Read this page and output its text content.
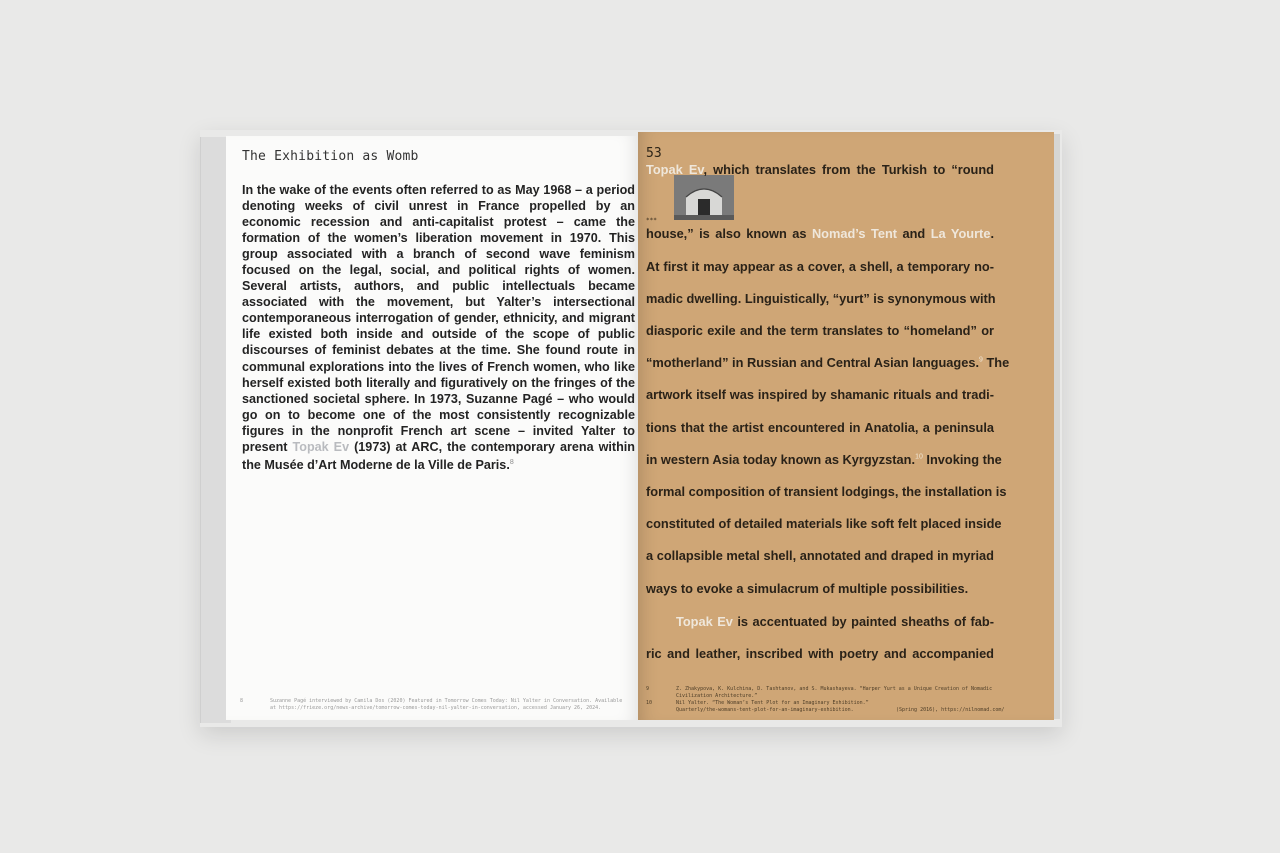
The Exhibition as Womb

In the wake of the events often referred to as May 1968 – a period denoting weeks of civil unrest in France propelled by an economic recession and anti-capitalist protest – came the formation of the women’s liberation movement in 1970. This group associated with a branch of second wave feminism focused on the legal, social, and political rights of women. Several artists, authors, and public intellectuals became associated with the movement, but Yalter’s intersectional contemporaneous interrogation of gender, ethnicity, and migrant life existed both inside and outside of the scope of public discourses of feminist debates at the time. She found route in communal explorations into the lives of French women, who like herself existed both literally and figuratively on the fringes of the sanctioned societal sphere. In 1973, Suzanne Pagé – who would go on to become one of the most consistently recognizable figures in the nonprofit French art scene – invited Yalter to present Topak Ev (1973) at ARC, the contemporary arena within the Musée d’Art Moderne de la Ville de Paris.$^8$

8	Suzanne Pagé interviewed by Camila Dos (2020) Featured in Tomorrow Comes Today: Nil Yalter in Conversation. Available at https://frieze.org/news-archive/tomorrow-comes-today-nil-yalter-in-conversation, accessed January 26, 2024.
53
***
Topak Ev, which translates from the Turkish to “round
house,” is also known as Nomad’s Tent and La Yourte.
At first it may appear as a cover, a shell, a temporary no-
madic dwelling. Linguistically, “yurt” is synonymous with
diasporic exile and the term translates to “homeland” or
“motherland” in Russian and Central Asian languages.$^9$ The
artwork itself was inspired by shamanic rituals and tradi-
tions that the artist encountered in Anatolia, a peninsula
in western Asia today known as Kyrgyzstan.$^{10}$ Invoking the
formal composition of transient lodgings, the installation is
constituted of detailed materials like soft felt placed inside
a collapsible metal shell, annotated and draped in myriad
ways to evoke a simulacrum of multiple possibilities.
Topak Ev is accentuated by painted sheaths of fab-
ric and leather, inscribed with poetry and accompanied
9	Z. Zhakypova, K. Kulchina, D. Tashtanov, and S. Mukashayeva. “Harper Yurt as a Unique Creation of Nomadic Civilization Architecture.”
10	Nil Yalter. “The Woman’s Tent Plot for an Imaginary Exhibition.” Quarterly/the-womans-tent-plot-for-an-imaginary-exhibition.	(Spring 2016), https://nilnomad.com/
